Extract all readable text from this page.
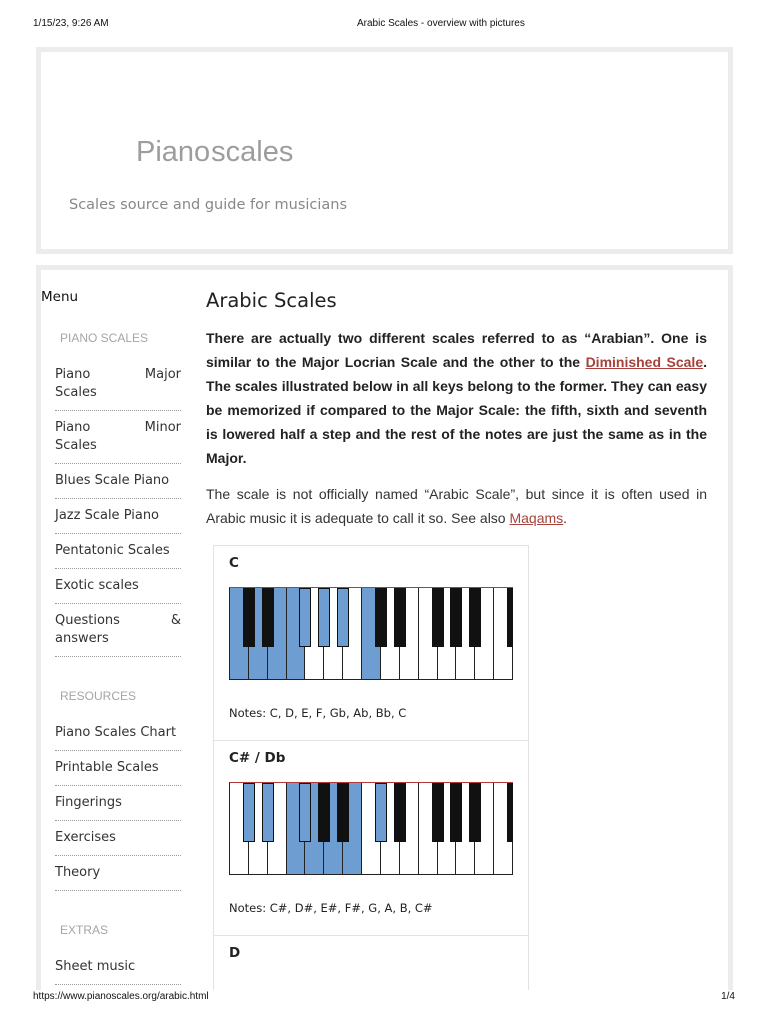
1/15/23, 9:26 AM	Arabic Scales - overview with pictures
Pianoscales
Scales source and guide for musicians
Menu
PIANO SCALES
Piano Major Scales
Piano Minor Scales
Blues Scale Piano
Jazz Scale Piano
Pentatonic Scales
Exotic scales
Questions & answers
RESOURCES
Piano Scales Chart
Printable Scales
Fingerings
Exercises
Theory
EXTRAS
Sheet music
Arabic Scales

There are actually two different scales referred to as “Arabian”. One is similar to the Major Locrian Scale and the other to the Diminished Scale. The scales illustrated below in all keys belong to the former. They can easy be memorized if compared to the Major Scale: the fifth, sixth and seventh is lowered half a step and the rest of the notes are just the same as in the Major.

The scale is not officially named “Arabic Scale”, but since it is often used in Arabic music it is adequate to call it so. See also Maqams.

C
Notes: C, D, E, F, Gb, Ab, Bb, C
C# / Db
Notes: C#, D#, E#, F#, G, A, B, C#
D
https://www.pianoscales.org/arabic.html	1/4
